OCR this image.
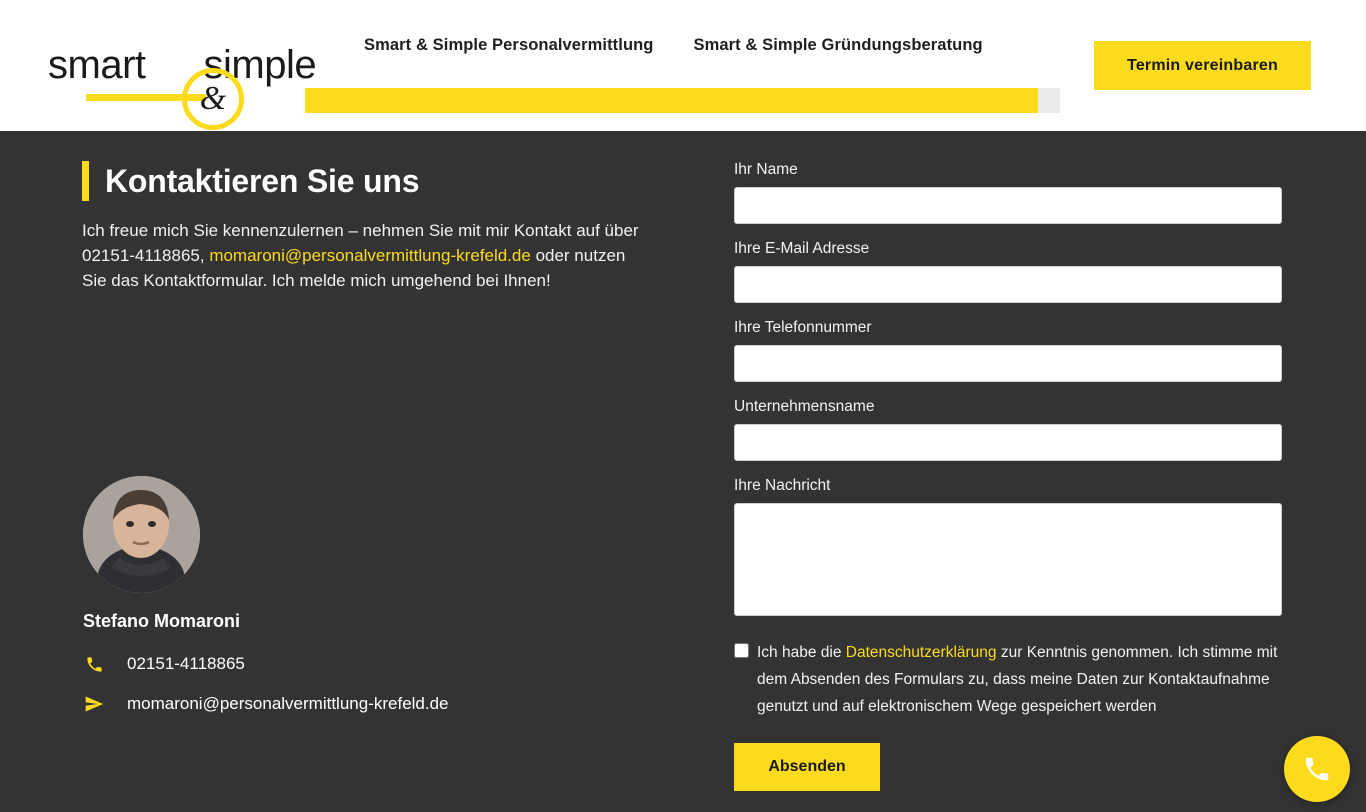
smart simple
&
Smart & Simple Personalvermittlung Smart & Simple Gründungsberatung
Termin vereinbaren
Kontaktieren Sie uns
Ich freue mich Sie kennenzulernen – nehmen Sie mit mir Kontakt auf über 02151-4118865, momaroni@personalvermittlung-krefeld.de oder nutzen Sie das Kontaktformular. Ich melde mich umgehend bei Ihnen!
Stefano Momaroni
02151-4118865
momaroni@personalvermittlung-krefeld.de
Ihr Name
Ihre E-Mail Adresse
Ihre Telefonnummer
Unternehmensname
Ihre Nachricht
Ich habe die Datenschutzerklärung zur Kenntnis genommen. Ich stimme mit dem Absenden des Formulars zu, dass meine Daten zur Kontaktaufnahme genutzt und auf elektronischem Wege gespeichert werden
Absenden
